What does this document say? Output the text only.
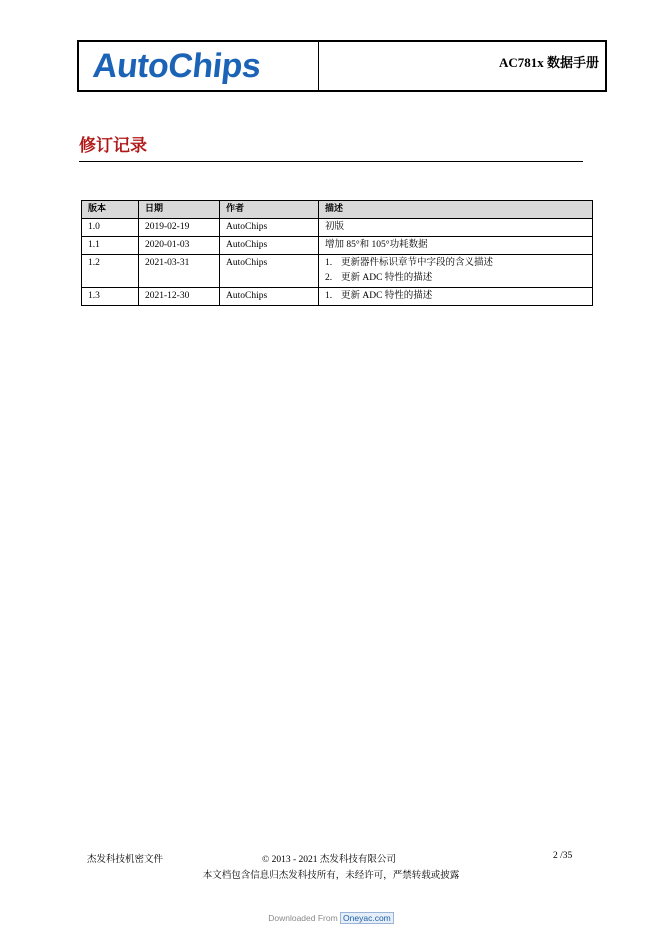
AutoChips	AC781x 数据手册
修订记录
版本	日期	作者	描述
1.0	2019-02-19	AutoChips	初版
1.1	2020-01-03	AutoChips	增加 85°和 105°功耗数据
1.2	2021-03-31	AutoChips	1. 更新器件标识章节中字段的含义描述
2. 更新 ADC 特性的描述

1.3	2021-12-30	AutoChips	1. 更新 ADC 特性的描述
杰发科技机密文件	© 2013 - 2021 杰发科技有限公司	2 /35
本文档包含信息归杰发科技所有，未经许可，严禁转载或披露
Downloaded From Oneyac.com
